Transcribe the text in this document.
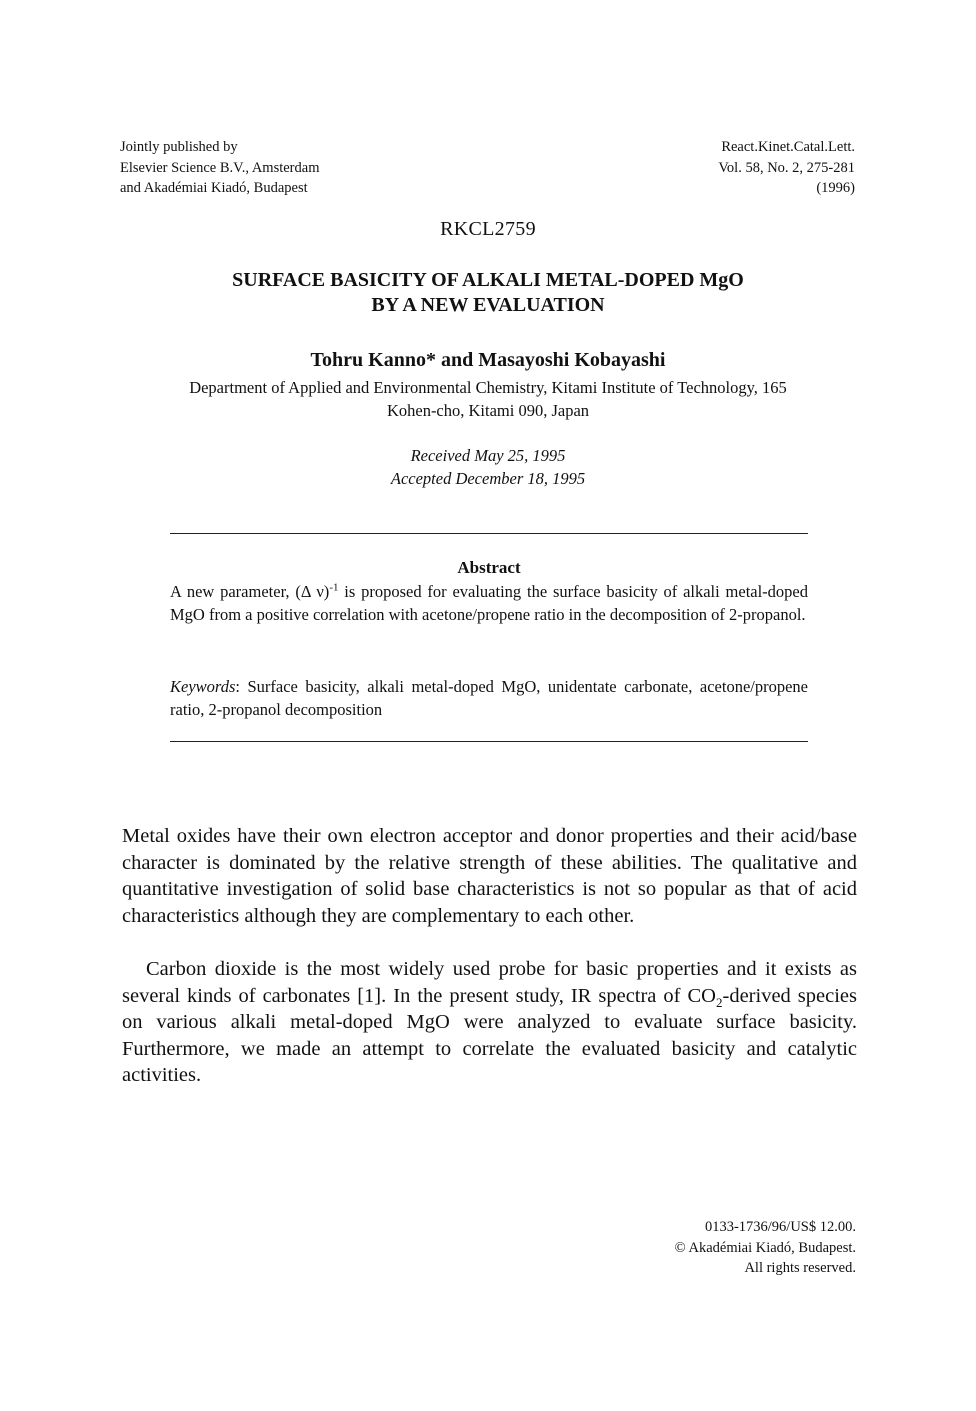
Jointly published by
Elsevier Science B.V., Amsterdam
and Akadémiai Kiadó, Budapest
React.Kinet.Catal.Lett.
Vol. 58, No. 2, 275-281
(1996)
RKCL2759
SURFACE BASICITY OF ALKALI METAL-DOPED MgO
BY A NEW EVALUATION
Tohru Kanno* and Masayoshi Kobayashi
Department of Applied and Environmental Chemistry, Kitami Institute of Technology, 165
Kohen-cho, Kitami 090, Japan
Received May 25, 1995
Accepted December 18, 1995
Abstract
A new parameter, (Δ ν)$^{-1}$ is proposed for evaluating the surface basicity of alkali metal-doped MgO from a positive correlation with acetone/propene ratio in the decomposition of 2-propanol.
Keywords: Surface basicity, alkali metal-doped MgO, unidentate carbonate, acetone/propene ratio, 2-propanol decomposition
Metal oxides have their own electron acceptor and donor properties and their acid/base character is dominated by the relative strength of these abilities. The qualitative and quantitative investigation of solid base characteristics is not so popular as that of acid characteristics although they are complementary to each other.
Carbon dioxide is the most widely used probe for basic properties and it exists as several kinds of carbonates [1]. In the present study, IR spectra of $CO_2$-derived species on various alkali metal-doped MgO were analyzed to evaluate surface basicity. Furthermore, we made an attempt to correlate the evaluated basicity and catalytic activities.
0133-1736/96/US$ 12.00.
© Akadémiai Kiadó, Budapest.
All rights reserved.
